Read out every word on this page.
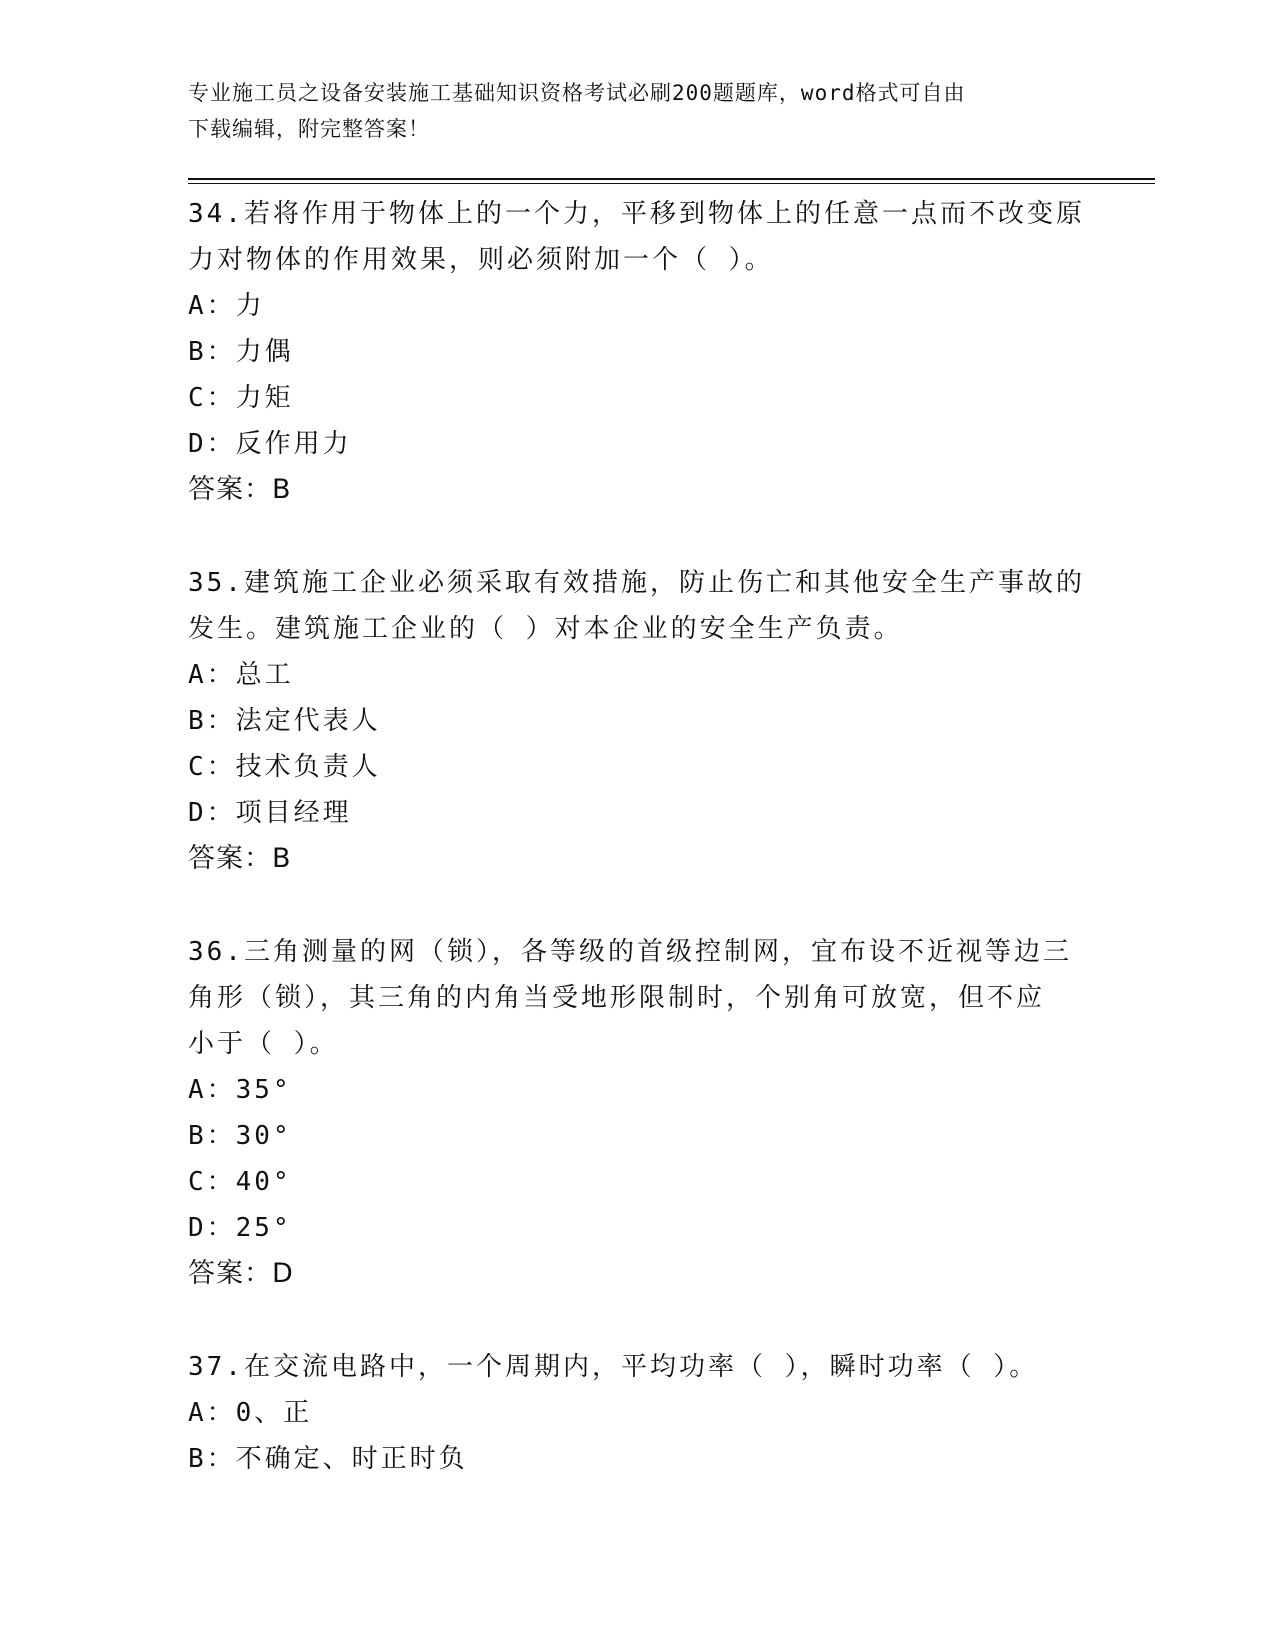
专业施工员之设备安装施工基础知识资格考试必刷200题题库，word格式可自由
下载编辑，附完整答案！

34.若将作用于物体上的一个力，平移到物体上的任意一点而不改变原

力对物体的作用效果，则必须附加一个（ ）。

A：力

B：力偶

C：力矩

D：反作用力

答案：B

35.建筑施工企业必须采取有效措施，防止伤亡和其他安全生产事故的

发生。建筑施工企业的（ ）对本企业的安全生产负责。

A：总工

B：法定代表人

C：技术负责人

D：项目经理

答案：B

36.三角测量的网（锁），各等级的首级控制网，宜布设不近视等边三

角形（锁），其三角的内角当受地形限制时，个别角可放宽，但不应

小于（ ）。

A：35°

B：30°

C：40°

D：25°

答案：D

37.在交流电路中，一个周期内，平均功率（ ），瞬时功率（ ）。

A：0、正

B：不确定、时正时负
